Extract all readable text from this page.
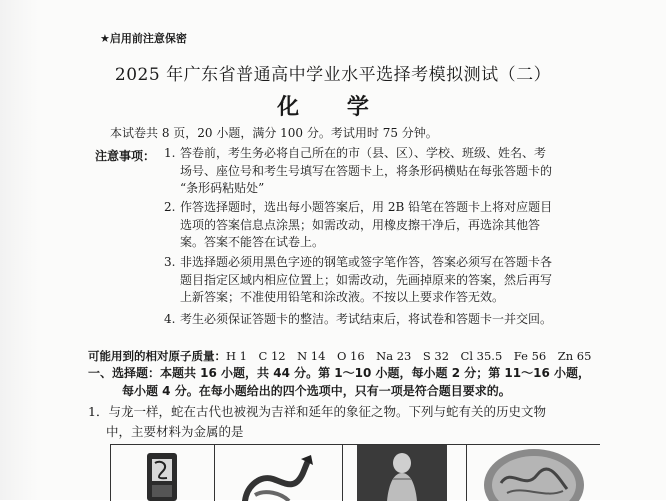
★启用前注意保密
2025 年广东省普通高中学业水平选择考模拟测试（二）
化 学
本试卷共 8 页，20 小题，满分 100 分。考试用时 75 分钟。
注意事项： 1. 答卷前，考生务必将自己所在的市（县、区）、学校、班级、姓名、考

场号、座位号和考生号填写在答题卡上，将条形码横贴在每张答题卡的

“条形码粘贴处”

2. 作答选择题时，选出每小题答案后，用 2B 铅笔在答题卡上将对应题目

选项的答案信息点涂黑；如需改动，用橡皮擦干净后，再选涂其他答

案。答案不能答在试卷上。

3. 非选择题必须用黑色字迹的钢笔或签字笔作答，答案必须写在答题卡各

题目指定区域内相应位置上；如需改动，先画掉原来的答案，然后再写

上新答案；不准使用铅笔和涂改液。不按以上要求作答无效。

4. 考生必须保证答题卡的整洁。考试结束后，将试卷和答题卡一并交回。

可能用到的相对原子质量：H 1　C 12　N 14　O 16　Na 23　S 32　Cl 35.5　Fe 56　Zn 65

一、选择题：本题共 16 小题，共 44 分。第 1～10 小题，每小题 2 分；第 11～16 小题，

每小题 4 分。在每小题给出的四个选项中，只有一项是符合题目要求的。

1．与龙一样，蛇在古代也被视为吉祥和延年的象征之物。下列与蛇有关的历史文物

中，主要材料为金属的是
